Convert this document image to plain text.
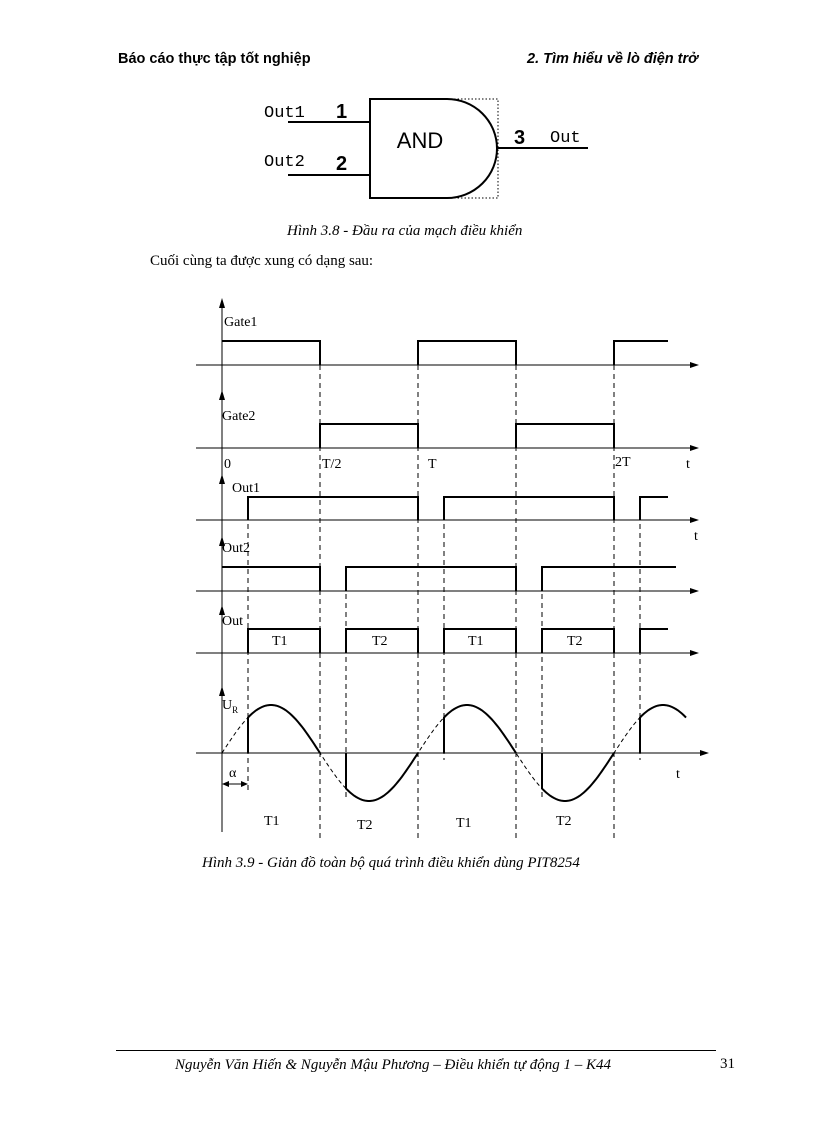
Báo cáo thực tập tốt nghiệp	2. Tìm hiểu về lò điện trở
AND
Out1
Out2
Out
1
2
3
Hình 3.8 - Đầu ra của mạch điều khiển
Cuối cùng ta được xung có dạng sau:
Gate1
Gate2
Out1
Out2
Out
$U_R$
0	T/2	T	2T	t
t
t
T1	T2	T1	T2
α
T1	T2	T1	T2
Hình 3.9 - Giản đồ toàn bộ quá trình điều khiển dùng PIT8254
Nguyễn Văn Hiến & Nguyễn Mậu Phương – Điều khiển tự động 1 – K44	31
